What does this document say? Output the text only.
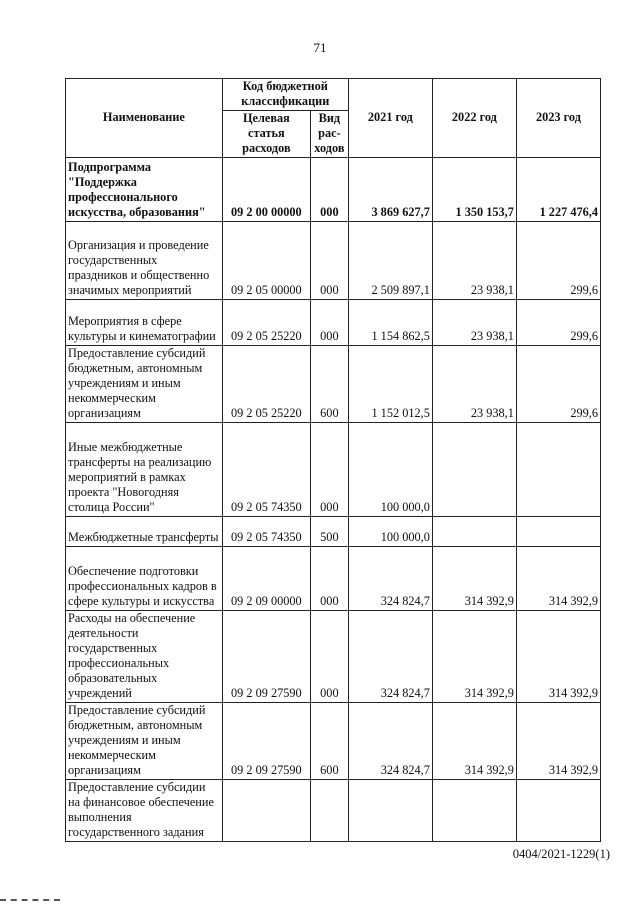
71
Наименование	Код бюджетной классификации		2021 год	2022 год	2023 год
	Целевая статья расходов	Вид рас- ходов			
Подпрограмма "Поддержка профессионального искусства, образования"	09 2 00 00000	000	3 869 627,7	1 350 153,7	1 227 476,4
Организация и проведение государственных праздников и общественно значимых мероприятий	09 2 05 00000	000	2 509 897,1	23 938,1	299,6
Мероприятия в сфере культуры и кинематографии	09 2 05 25220	000	1 154 862,5	23 938,1	299,6
Предоставление субсидий бюджетным, автономным учреждениям и иным некоммерческим организациям	09 2 05 25220	600	1 152 012,5	23 938,1	299,6
Иные межбюджетные трансферты на реализацию мероприятий в рамках проекта "Новогодняя столица России"	09 2 05 74350	000	100 000,0		
Межбюджетные трансферты	09 2 05 74350	500	100 000,0		
Обеспечение подготовки профессиональных кадров в сфере культуры и искусства	09 2 09 00000	000	324 824,7	314 392,9	314 392,9
Расходы на обеспечение деятельности государственных профессиональных образовательных учреждений	09 2 09 27590	000	324 824,7	314 392,9	314 392,9
Предоставление субсидий бюджетным, автономным учреждениям и иным некоммерческим организациям	09 2 09 27590	600	324 824,7	314 392,9	314 392,9
Предоставление субсидии на финансовое обеспечение выполнения государственного задания					
0404/2021-1229(1)
